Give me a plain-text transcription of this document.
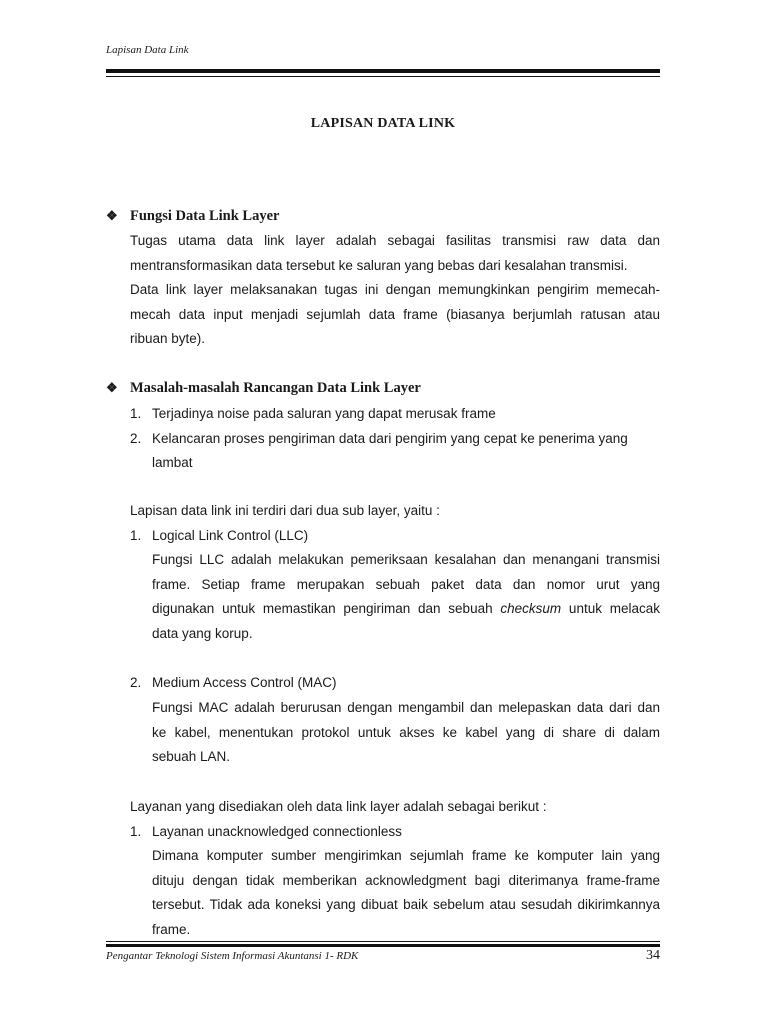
Lapisan Data Link
LAPISAN DATA LINK
❖ Fungsi Data Link Layer

Tugas utama data link layer adalah sebagai fasilitas transmisi raw data dan
mentransformasikan data tersebut ke saluran yang bebas dari kesalahan transmisi.
Data link layer melaksanakan tugas ini dengan memungkinkan pengirim memecah-
mecah data input menjadi sejumlah data frame (biasanya berjumlah ratusan atau
ribuan byte).

❖ Masalah-masalah Rancangan Data Link Layer
1. Terjadinya noise pada saluran yang dapat merusak frame
2. Kelancaran proses pengiriman data dari pengirim yang cepat ke penerima yang

lambat

Lapisan data link ini terdiri dari dua sub layer, yaitu :

1. Logical Link Control (LLC)

Fungsi LLC adalah melakukan pemeriksaan kesalahan dan menangani transmisi
frame. Setiap frame merupakan sebuah paket data dan nomor urut yang
digunakan untuk memastikan pengiriman dan sebuah checksum untuk melacak
data yang korup.

2. Medium Access Control (MAC)

Fungsi MAC adalah berurusan dengan mengambil dan melepaskan data dari dan
ke kabel, menentukan protokol untuk akses ke kabel yang di share di dalam
sebuah LAN.

Layanan yang disediakan oleh data link layer adalah sebagai berikut :

1. Layanan unacknowledged connectionless

Dimana komputer sumber mengirimkan sejumlah frame ke komputer lain yang
dituju dengan tidak memberikan acknowledgment bagi diterimanya frame-frame
tersebut. Tidak ada koneksi yang dibuat baik sebelum atau sesudah dikirimkannya
frame.

Pengantar Teknologi Sistem Informasi Akuntansi 1- RDK	34
